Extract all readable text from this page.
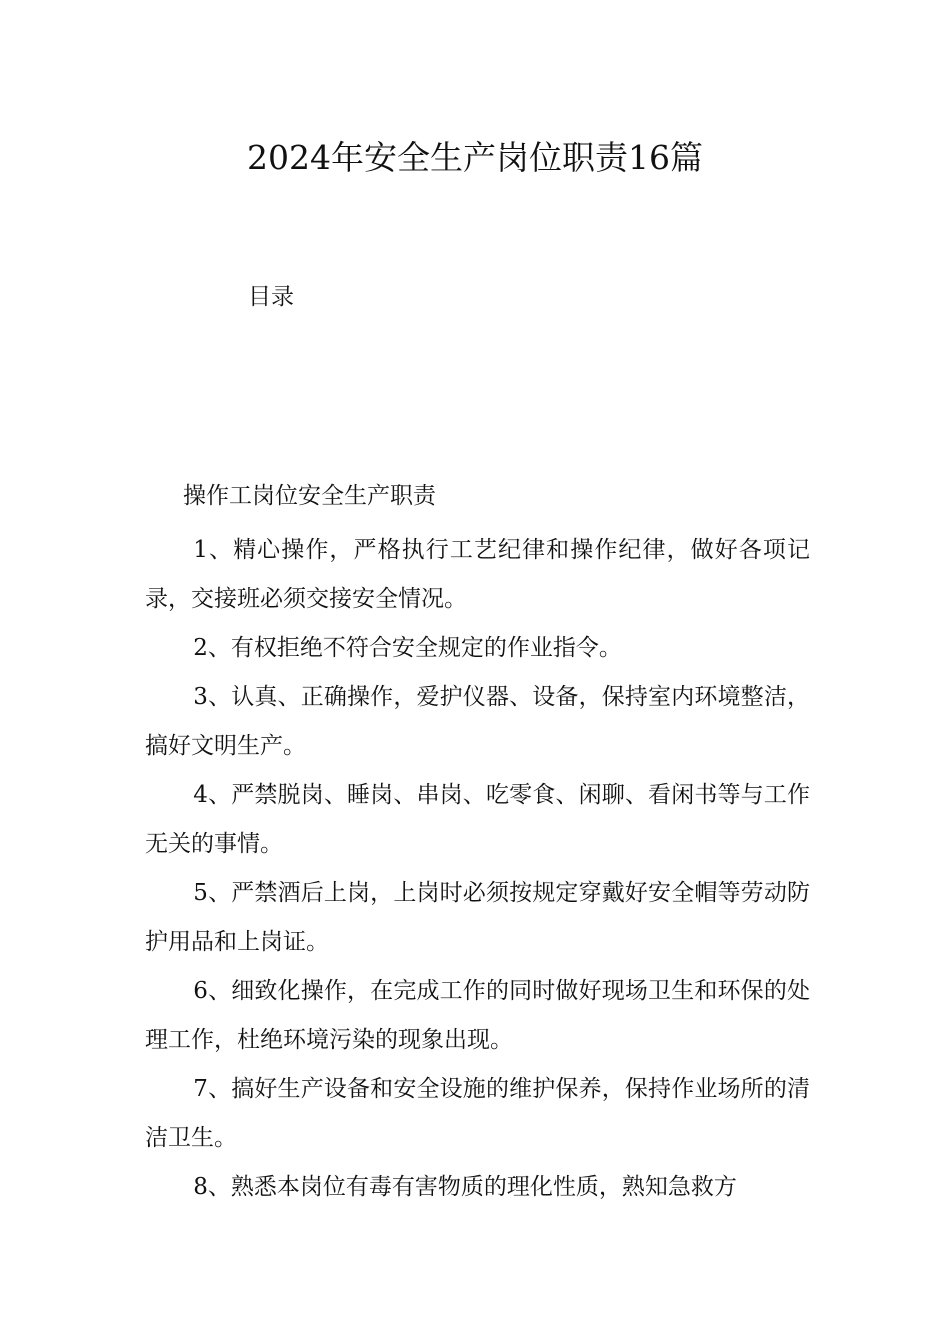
2024年安全生产岗位职责16篇
目录
操作工岗位安全生产职责

1、精心操作，严格执行工艺纪律和操作纪律，做好各项记录，交接班必须交接安全情况。

2、有权拒绝不符合安全规定的作业指令。

3、认真、正确操作，爱护仪器、设备，保持室内环境整洁，搞好文明生产。

4、严禁脱岗、睡岗、串岗、吃零食、闲聊、看闲书等与工作无关的事情。

5、严禁酒后上岗，上岗时必须按规定穿戴好安全帽等劳动防护用品和上岗证。

6、细致化操作，在完成工作的同时做好现场卫生和环保的处理工作，杜绝环境污染的现象出现。

7、搞好生产设备和安全设施的维护保养，保持作业场所的清洁卫生。

8、熟悉本岗位有毒有害物质的理化性质，熟知急救方
